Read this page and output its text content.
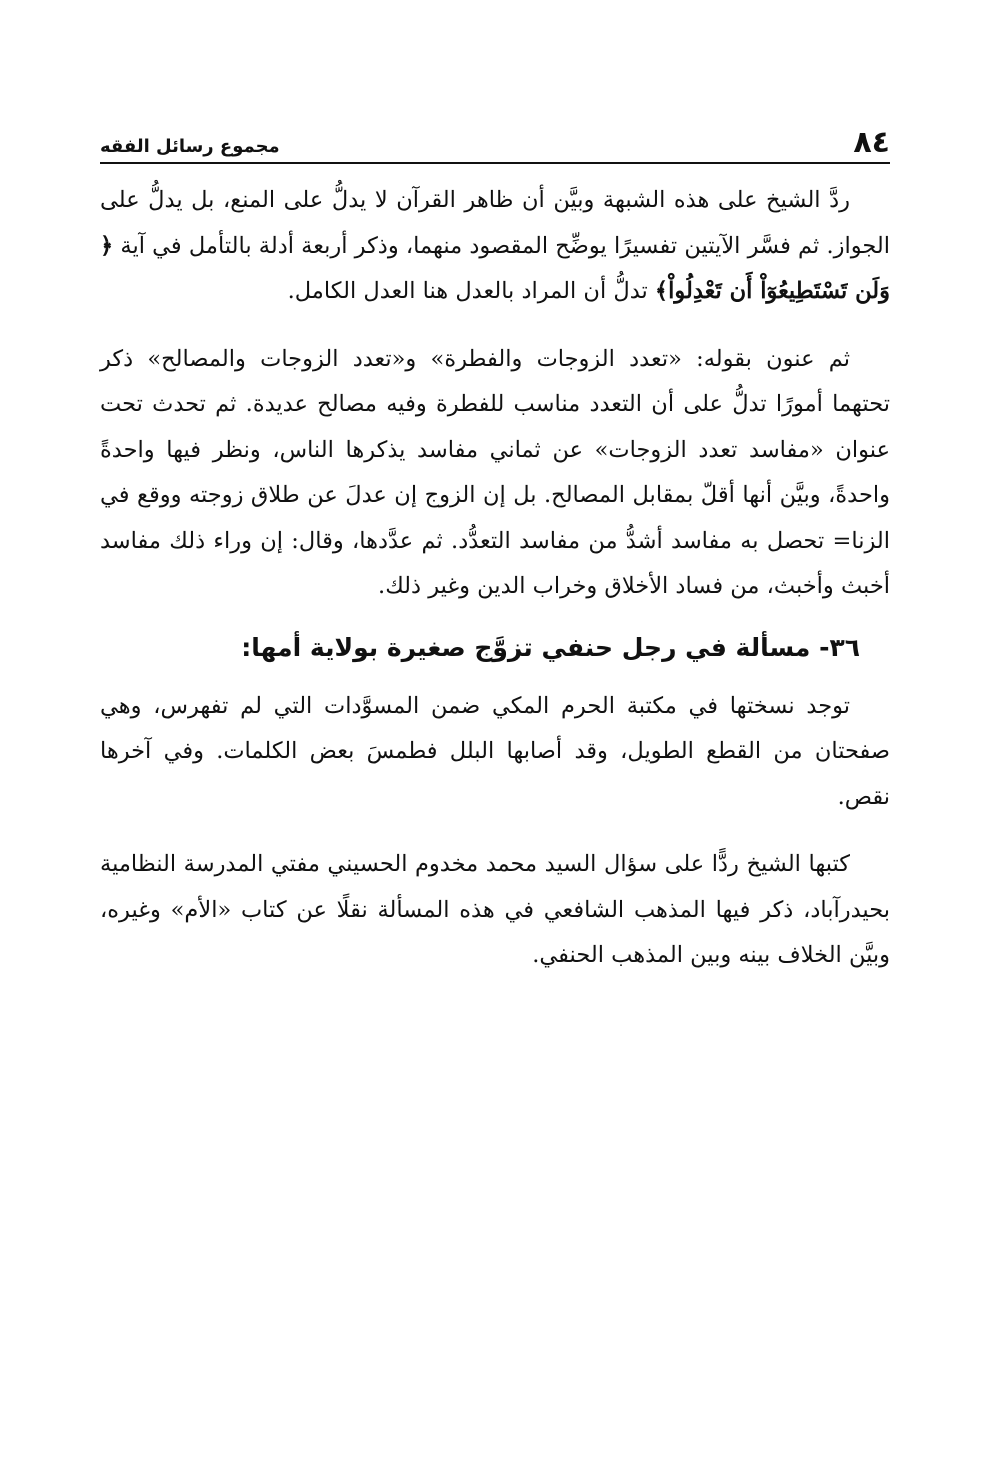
٨٤
مجموع رسائل الفقه

ردَّ الشيخ على هذه الشبهة وبيَّن أن ظاهر القرآن لا يدلُّ على المنع، بل يدلُّ على الجواز. ثم فسَّر الآيتين تفسيرًا يوضِّح المقصود منهما، وذكر أربعة أدلة بالتأمل في آية ﴿ وَلَن تَسْتَطِيعُوٓاْ أَن تَعْدِلُواْ﴾ تدلُّ أن المراد بالعدل هنا العدل الكامل.

ثم عنون بقوله: «تعدد الزوجات والفطرة» و«تعدد الزوجات والمصالح» ذكر تحتهما أمورًا تدلُّ على أن التعدد مناسب للفطرة وفيه مصالح عديدة. ثم تحدث تحت عنوان «مفاسد تعدد الزوجات» عن ثماني مفاسد يذكرها الناس، ونظر فيها واحدةً واحدةً، وبيَّن أنها أقلّ بمقابل المصالح. بل إن الزوج إن عدلَ عن طلاق زوجته ووقع في الزنا= تحصل به مفاسد أشدُّ من مفاسد التعدُّد. ثم عدَّدها، وقال: إن وراء ذلك مفاسد أخبث وأخبث، من فساد الأخلاق وخراب الدين وغير ذلك.

٣٦- مسألة في رجل حنفي تزوَّج صغيرة بولاية أمها:

توجد نسختها في مكتبة الحرم المكي ضمن المسوَّدات التي لم تفهرس، وهي صفحتان من القطع الطويل، وقد أصابها البلل فطمسَ بعض الكلمات. وفي آخرها نقص.

كتبها الشيخ ردًّا على سؤال السيد محمد مخدوم الحسيني مفتي المدرسة النظامية بحيدرآباد، ذكر فيها المذهب الشافعي في هذه المسألة نقلًا عن كتاب «الأم» وغيره، وبيَّن الخلاف بينه وبين المذهب الحنفي.
